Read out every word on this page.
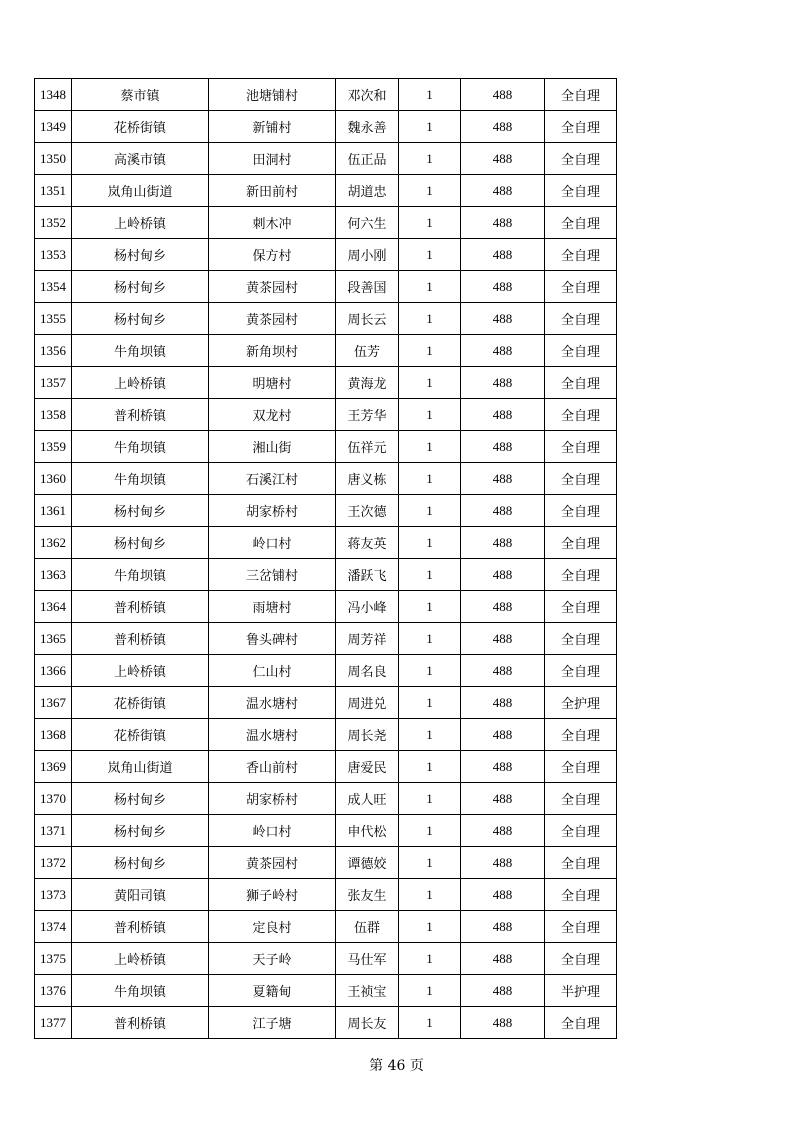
1348	蔡市镇	池塘铺村	邓次和	1	488	全自理
1349	花桥街镇	新铺村	魏永善	1	488	全自理
1350	高溪市镇	田洞村	伍正品	1	488	全自理
1351	岚角山街道	新田前村	胡道忠	1	488	全自理
1352	上岭桥镇	刺木冲	何六生	1	488	全自理
1353	杨村甸乡	保方村	周小刚	1	488	全自理
1354	杨村甸乡	黄茶园村	段善国	1	488	全自理
1355	杨村甸乡	黄茶园村	周长云	1	488	全自理
1356	牛角坝镇	新角坝村	伍芳	1	488	全自理
1357	上岭桥镇	明塘村	黄海龙	1	488	全自理
1358	普利桥镇	双龙村	王芳华	1	488	全自理
1359	牛角坝镇	湘山街	伍祥元	1	488	全自理
1360	牛角坝镇	石溪江村	唐义栋	1	488	全自理
1361	杨村甸乡	胡家桥村	王次德	1	488	全自理
1362	杨村甸乡	岭口村	蒋友英	1	488	全自理
1363	牛角坝镇	三岔铺村	潘跃飞	1	488	全自理
1364	普利桥镇	雨塘村	冯小峰	1	488	全自理
1365	普利桥镇	鲁头碑村	周芳祥	1	488	全自理
1366	上岭桥镇	仁山村	周名良	1	488	全自理
1367	花桥街镇	温水塘村	周进兑	1	488	全护理
1368	花桥街镇	温水塘村	周长尧	1	488	全自理
1369	岚角山街道	香山前村	唐爱民	1	488	全自理
1370	杨村甸乡	胡家桥村	成人旺	1	488	全自理
1371	杨村甸乡	岭口村	申代松	1	488	全自理
1372	杨村甸乡	黄茶园村	谭德姣	1	488	全自理
1373	黄阳司镇	狮子岭村	张友生	1	488	全自理
1374	普利桥镇	定良村	伍群	1	488	全自理
1375	上岭桥镇	天子岭	马仕军	1	488	全自理
1376	牛角坝镇	夏籍甸	王祯宝	1	488	半护理
1377	普利桥镇	江子塘	周长友	1	488	全自理
第 46 页
